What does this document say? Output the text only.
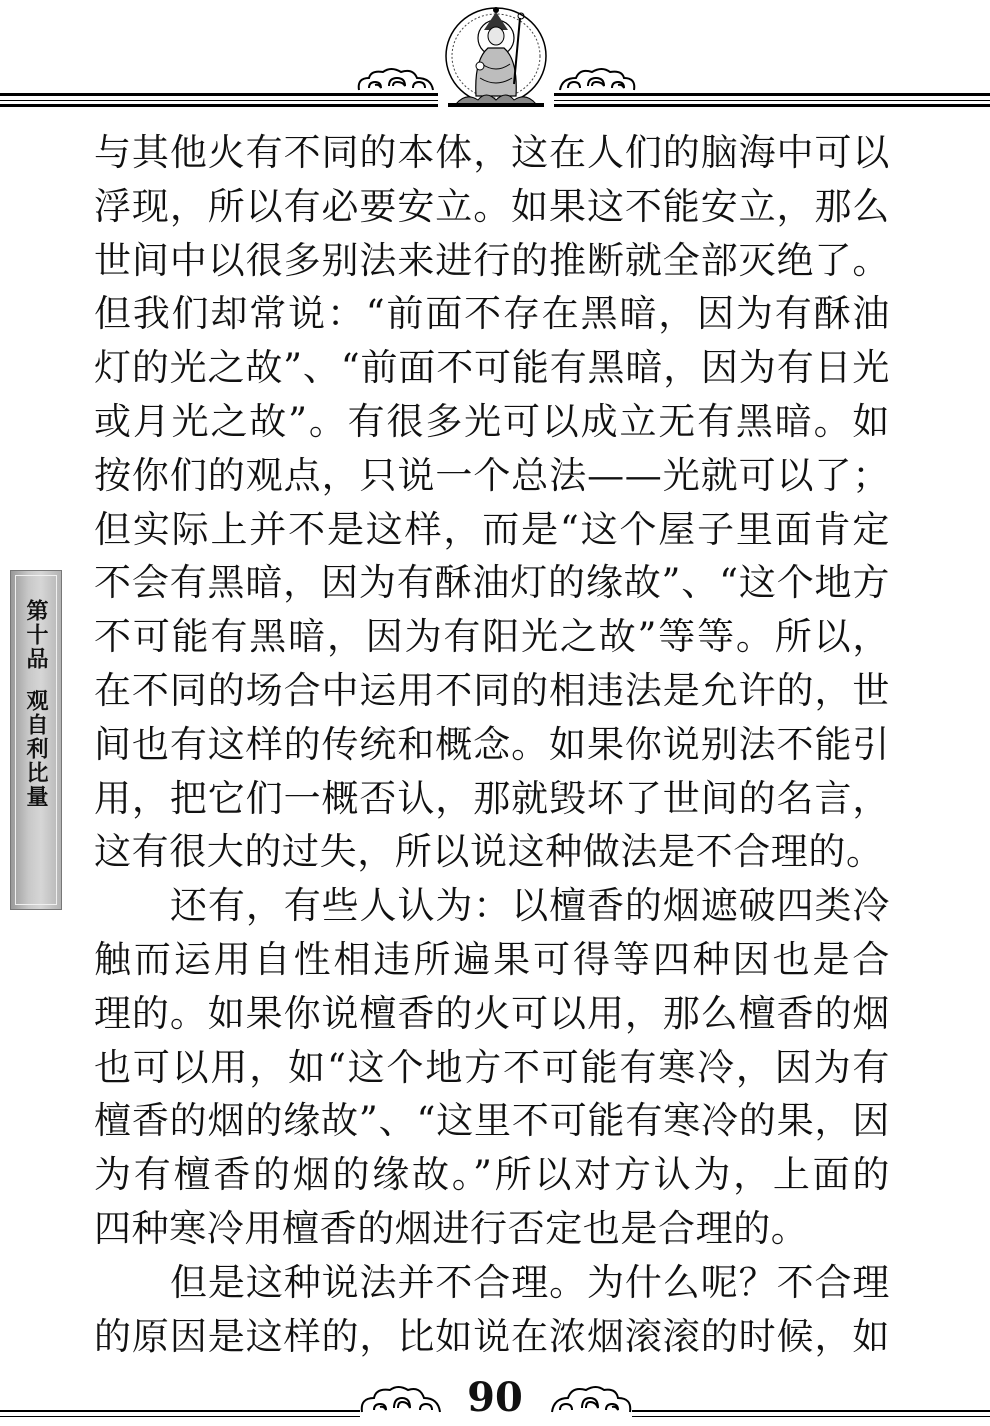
第十品观自利比量
与其他火有不同的本体，这在人们的脑海中可以
浮现，所以有必要安立。如果这不能安立，那么
世间中以很多别法来进行的推断就全部灭绝了。
但我们却常说：“前面不存在黑暗，因为有酥油
灯的光之故”、“前面不可能有黑暗，因为有日光
或月光之故”。有很多光可以成立无有黑暗。如
按你们的观点，只说一个总法——光就可以了；
但实际上并不是这样，而是“这个屋子里面肯定
不会有黑暗，因为有酥油灯的缘故”、“这个地方
不可能有黑暗，因为有阳光之故”等等。所以，
在不同的场合中运用不同的相违法是允许的，世
间也有这样的传统和概念。如果你说别法不能引
用，把它们一概否认，那就毁坏了世间的名言，
这有很大的过失，所以说这种做法是不合理的。
还有，有些人认为：以檀香的烟遮破四类冷
触而运用自性相违所遍果可得等四种因也是合
理的。如果你说檀香的火可以用，那么檀香的烟
也可以用，如“这个地方不可能有寒冷，因为有
檀香的烟的缘故”、“这里不可能有寒冷的果，因
为有檀香的烟的缘故。”所以对方认为，上面的
四种寒冷用檀香的烟进行否定也是合理的。
但是这种说法并不合理。为什么呢？不合理
的原因是这样的，比如说在浓烟滚滚的时候，如
90
